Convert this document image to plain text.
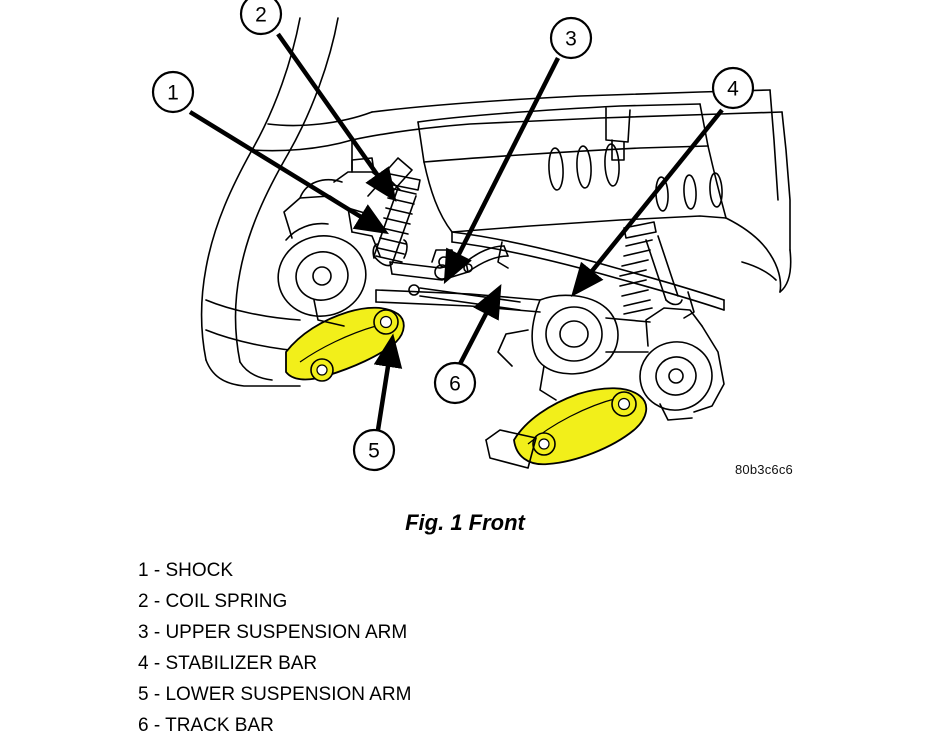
1
2
3
4
5
6
80b3c6c6
Fig. 1 Front
1 - SHOCK
2 - COIL SPRING
3 - UPPER SUSPENSION ARM
4 - STABILIZER BAR
5 - LOWER SUSPENSION ARM
6 - TRACK BAR
